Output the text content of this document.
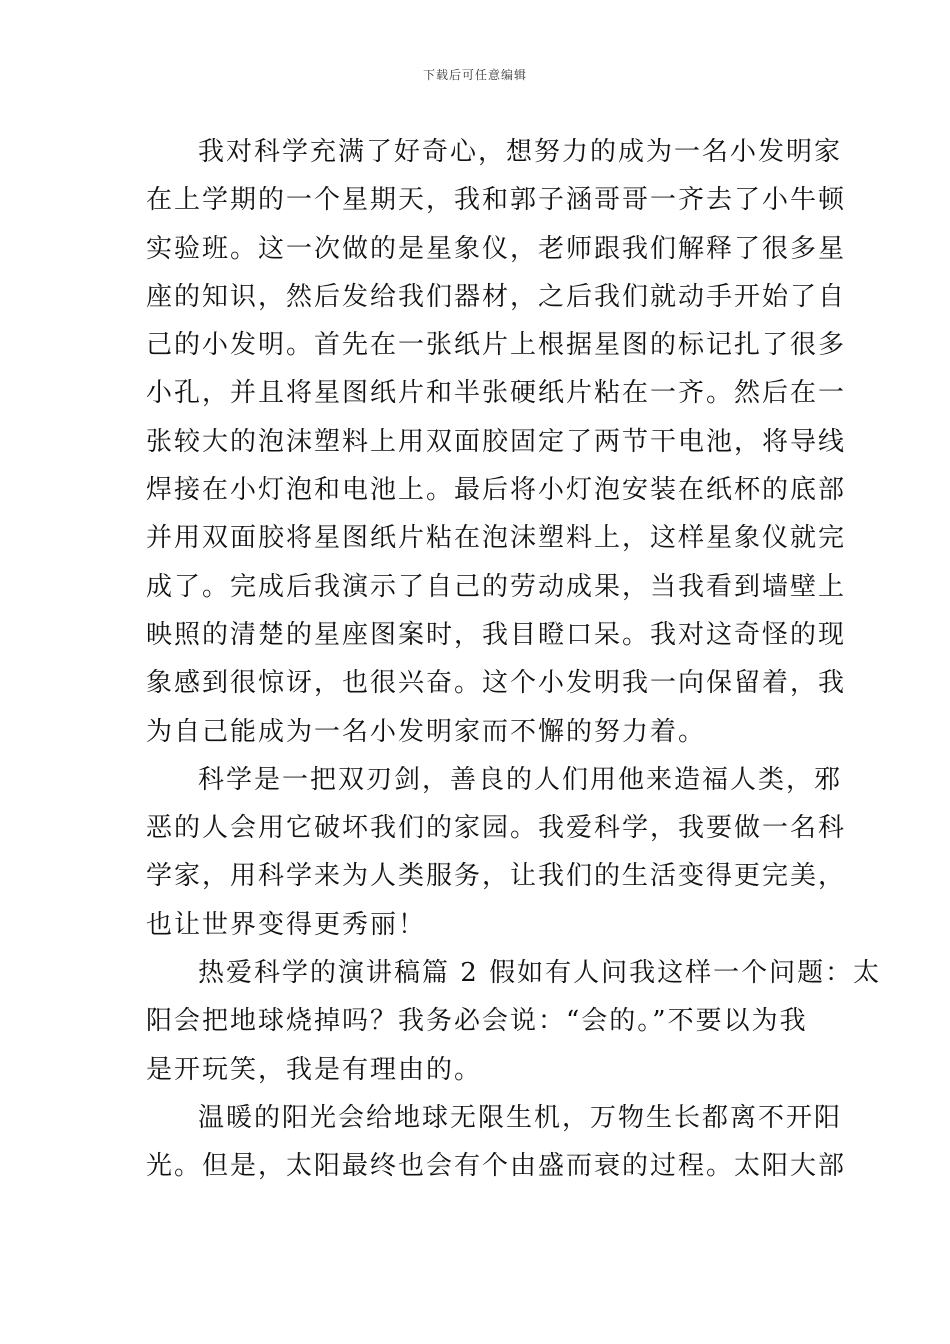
下载后可任意编辑
我对科学充满了好奇心，想努力的成为一名小发明家
在上学期的一个星期天，我和郭子涵哥哥一齐去了小牛顿
实验班。这一次做的是星象仪，老师跟我们解释了很多星
座的知识，然后发给我们器材，之后我们就动手开始了自
己的小发明。首先在一张纸片上根据星图的标记扎了很多
小孔，并且将星图纸片和半张硬纸片粘在一齐。然后在一
张较大的泡沫塑料上用双面胶固定了两节干电池，将导线
焊接在小灯泡和电池上。最后将小灯泡安装在纸杯的底部
并用双面胶将星图纸片粘在泡沫塑料上，这样星象仪就完
成了。完成后我演示了自己的劳动成果，当我看到墙壁上
映照的清楚的星座图案时，我目瞪口呆。我对这奇怪的现
象感到很惊讶，也很兴奋。这个小发明我一向保留着，我
为自己能成为一名小发明家而不懈的努力着。
科学是一把双刃剑，善良的人们用他来造福人类，邪
恶的人会用它破坏我们的家园。我爱科学，我要做一名科
学家，用科学来为人类服务，让我们的生活变得更完美，
也让世界变得更秀丽！
热爱科学的演讲稿篇 2 假如有人问我这样一个问题：太
阳会把地球烧掉吗？我务必会说：“会的。”不要以为我
是开玩笑，我是有理由的。
温暖的阳光会给地球无限生机，万物生长都离不开阳
光。但是，太阳最终也会有个由盛而衰的过程。太阳大部
